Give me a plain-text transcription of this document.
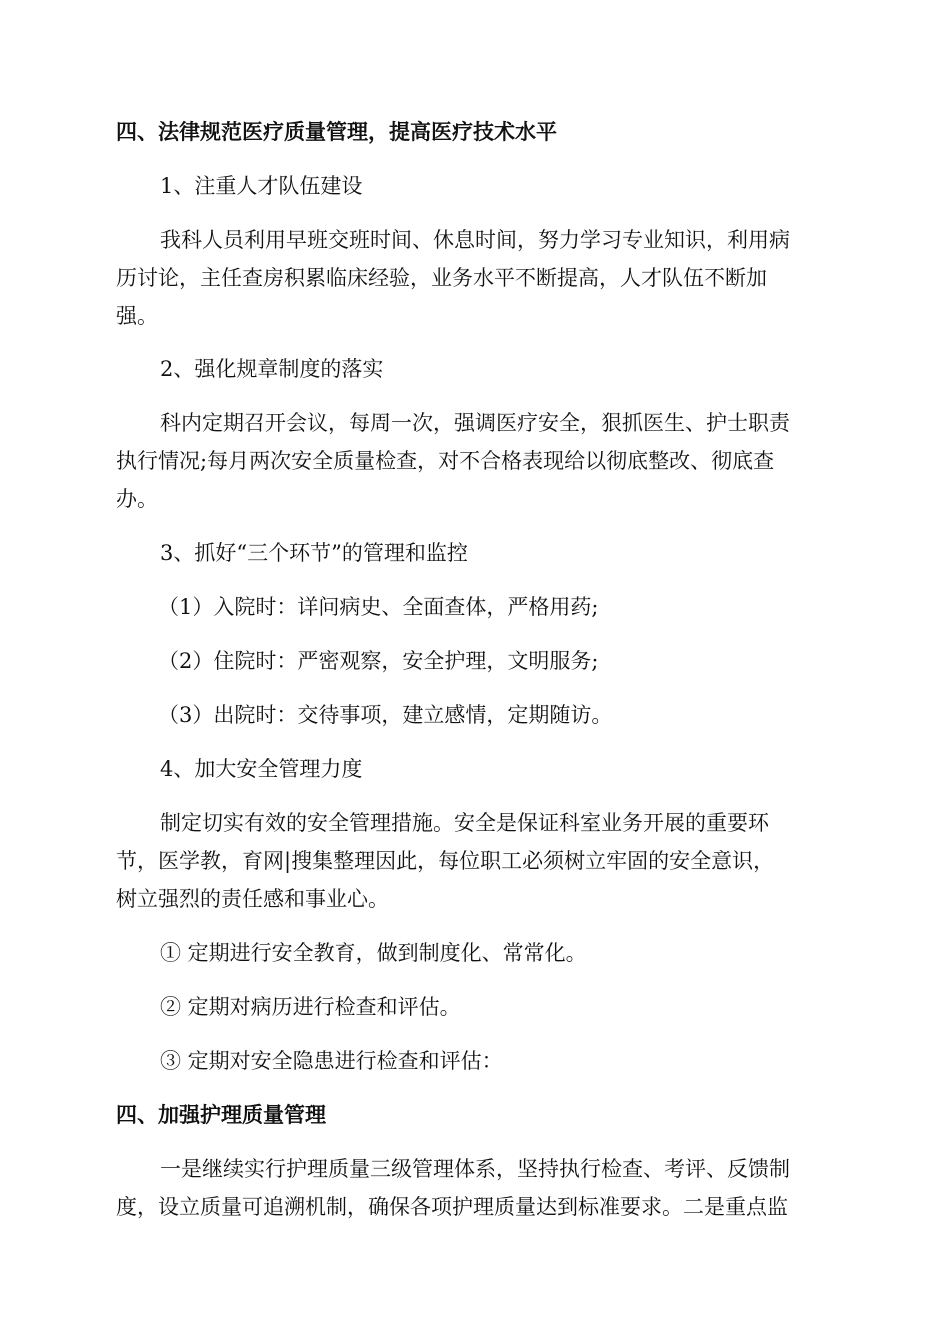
四、法律规范医疗质量管理，提高医疗技术水平
1、注重人才队伍建设
我科人员利用早班交班时间、休息时间，努力学习专业知识，利用病
历讨论，主任查房积累临床经验，业务水平不断提高，人才队伍不断加
强。
2、强化规章制度的落实
科内定期召开会议，每周一次，强调医疗安全，狠抓医生、护士职责
执行情况;每月两次安全质量检查，对不合格表现给以彻底整改、彻底查
办。
3、抓好“三个环节”的管理和监控
（1）入院时：详问病史、全面查体，严格用药;
（2）住院时：严密观察，安全护理，文明服务;
（3）出院时：交待事项，建立感情，定期随访。
4、加大安全管理力度
制定切实有效的安全管理措施。安全是保证科室业务开展的重要环
节，医学教，育网|搜集整理因此，每位职工必须树立牢固的安全意识，
树立强烈的责任感和事业心。
① 定期进行安全教育，做到制度化、常常化。
② 定期对病历进行检查和评估。
③ 定期对安全隐患进行检查和评估：
四、加强护理质量管理
一是继续实行护理质量三级管理体系，坚持执行检查、考评、反馈制
度，设立质量可追溯机制，确保各项护理质量达到标准要求。二是重点监
